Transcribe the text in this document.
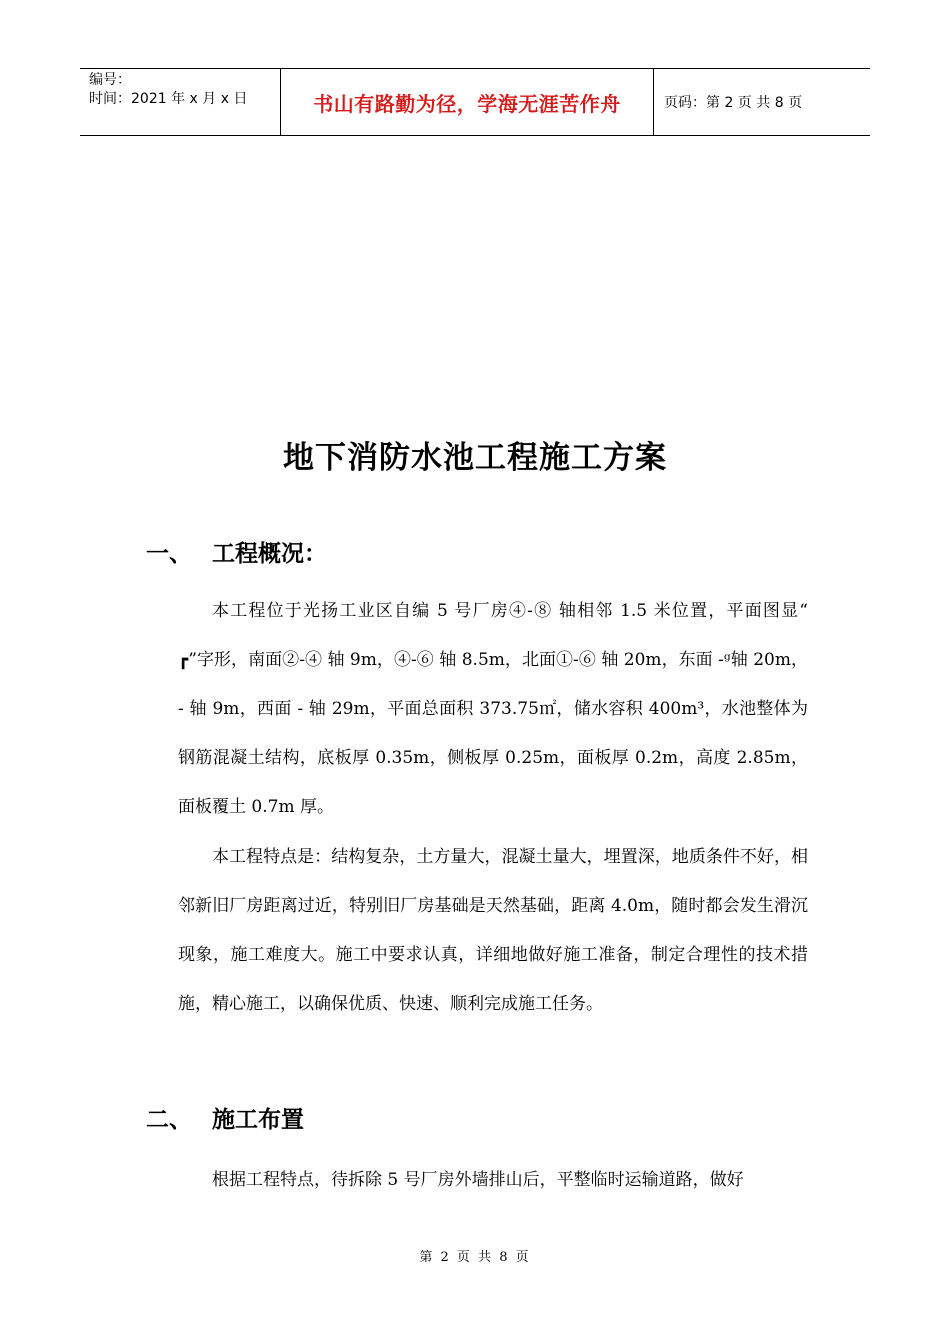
编号：
时间：2021 年 x 月 x 日	书山有路勤为径，学海无涯苦作舟	页码：第 2 页 共 8 页
地下消防水池工程施工方案
一、 工程概况：
本工程位于光扬工业区自编 5 号厂房④-⑧ 轴相邻 1.5 米位置，平面图显“ ┏”字形，南面②-④ 轴 9m，④-⑥ 轴 8.5m，北面①-⑥ 轴 20m，东面 -ᵍ轴 20m， - 轴 9m，西面 - 轴 29m，平面总面积 373.75㎡，储水容积 400m³，水池整体为钢筋混凝土结构，底板厚 0.35m，侧板厚 0.25m，面板厚 0.2m，高度 2.85m，面板覆土 0.7m 厚。
本工程特点是：结构复杂，土方量大，混凝土量大，埋置深，地质条件不好，相邻新旧厂房距离过近，特别旧厂房基础是天然基础，距离 4.0m，随时都会发生滑沉现象，施工难度大。施工中要求认真，详细地做好施工准备，制定合理性的技术措施，精心施工，以确保优质、快速、顺利完成施工任务。
二、 施工布置
根据工程特点，待拆除 5 号厂房外墙排山后，平整临时运输道路，做好
第 2 页 共 8 页
